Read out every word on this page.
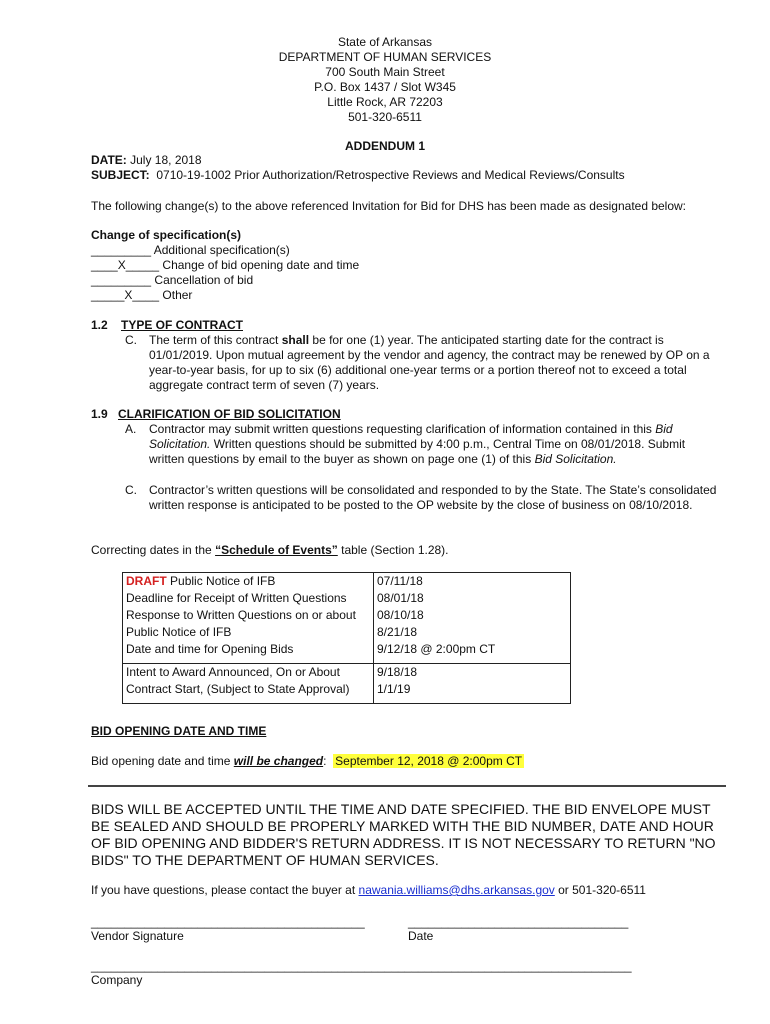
State of Arkansas
DEPARTMENT OF HUMAN SERVICES
700 South Main Street
P.O. Box 1437 / Slot W345
Little Rock, AR 72203
501-320-6511
ADDENDUM 1
DATE: July 18, 2018
SUBJECT: 0710-19-1002 Prior Authorization/Retrospective Reviews and Medical Reviews/Consults
The following change(s) to the above referenced Invitation for Bid for DHS has been made as designated below:
Change of specification(s)
_________ Additional specification(s)
____X_____ Change of bid opening date and time
_________ Cancellation of bid
_____X____ Other
1.2 TYPE OF CONTRACT
C. The term of this contract shall be for one (1) year. The anticipated starting date for the contract is 01/01/2019. Upon mutual agreement by the vendor and agency, the contract may be renewed by OP on a year-to-year basis, for up to six (6) additional one-year terms or a portion thereof not to exceed a total aggregate contract term of seven (7) years.
1.9 CLARIFICATION OF BID SOLICITATION
A. Contractor may submit written questions requesting clarification of information contained in this Bid Solicitation. Written questions should be submitted by 4:00 p.m., Central Time on 08/01/2018. Submit written questions by email to the buyer as shown on page one (1) of this Bid Solicitation.
C. Contractor’s written questions will be consolidated and responded to by the State. The State’s consolidated written response is anticipated to be posted to the OP website by the close of business on 08/10/2018.
Correcting dates in the “Schedule of Events” table (Section 1.28).
DRAFT Public Notice of IFB	07/11/18
Deadline for Receipt of Written Questions	08/01/18
Response to Written Questions on or about	08/10/18
Public Notice of IFB	8/21/18
Date and time for Opening Bids	9/12/18 @ 2:00pm CT
Intent to Award Announced, On or About	9/18/18
Contract Start, (Subject to State Approval)	1/1/19
BID OPENING DATE AND TIME
Bid opening date and time will be changed: September 12, 2018 @ 2:00pm CT
BIDS WILL BE ACCEPTED UNTIL THE TIME AND DATE SPECIFIED. THE BID ENVELOPE MUST BE SEALED AND SHOULD BE PROPERLY MARKED WITH THE BID NUMBER, DATE AND HOUR OF BID OPENING AND BIDDER'S RETURN ADDRESS. IT IS NOT NECESSARY TO RETURN "NO BIDS" TO THE DEPARTMENT OF HUMAN SERVICES.
If you have questions, please contact the buyer at nawania.williams@dhs.arkansas.gov or 501-320-6511
_________________________________________
Vendor Signature
_________________________________
Date
_________________________________________________________________________________
Company
